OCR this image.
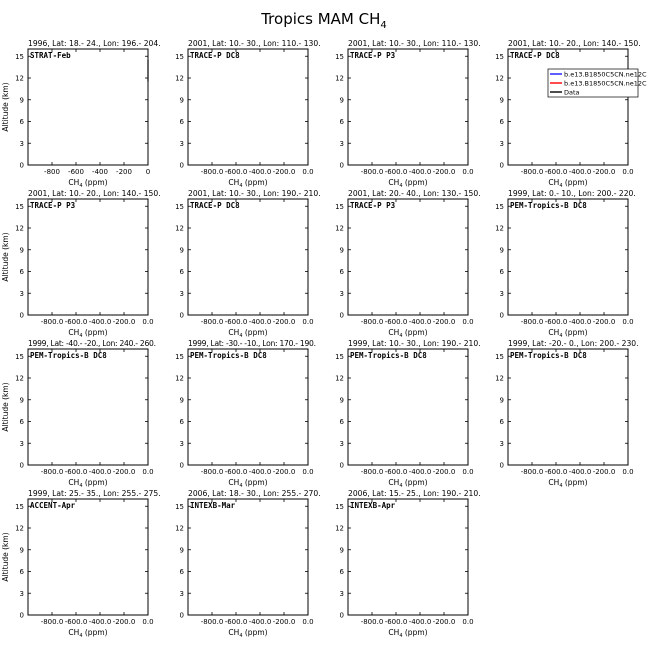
Tropics MAM $CH_4$
1996, Lat: 18.- 24., Lon: 196.- 204.
STRAT-Feb
0
3
6
9
12
15
-800 -600 -400 -200 0
$CH_4$ (ppm)
Altitude (km)
2001, Lat: 10.- 30., Lon: 110.- 130.
TRACE-P DC8
0
3
6
9
12
15
-800.0 -600.0 -400.0 -200.0 0.0
$CH_4$ (ppm)
2001, Lat: 10.- 30., Lon: 110.- 130.
TRACE-P P3
0
3
6
9
12
15
-800.0 -600.0 -400.0 -200.0 0.0
$CH_4$ (ppm)
2001, Lat: 10.- 20., Lon: 140.- 150.
TRACE-P DC8
0
3
6
9
12
15
-800.0 -600.0 -400.0 -200.0 0.0
$CH_4$ (ppm)
b.e13.B1850C5CN.ne12C
b.e13.B1850C5CN.ne12C
Data
2001, Lat: 10.- 20., Lon: 140.- 150.
TRACE-P P3
0
3
6
9
12
15
-800.0 -600.0 -400.0 -200.0 0.0
$CH_4$ (ppm)
Altitude (km)
2001, Lat: 10.- 30., Lon: 190.- 210.
TRACE-P DC8
0
3
6
9
12
15
-800.0 -600.0 -400.0 -200.0 0.0
$CH_4$ (ppm)
2001, Lat: 20.- 40., Lon: 130.- 150.
TRACE-P P3
0
3
6
9
12
15
-800.0 -600.0 -400.0 -200.0 0.0
$CH_4$ (ppm)
1999, Lat: 0.- 10., Lon: 200.- 220.
PEM-Tropics-B DC8
0
3
6
9
12
15
-800.0 -600.0 -400.0 -200.0 0.0
$CH_4$ (ppm)
1999, Lat: -40.- -20., Lon: 240.- 260.
PEM-Tropics-B DC8
0
3
6
9
12
15
-800.0 -600.0 -400.0 -200.0 0.0
$CH_4$ (ppm)
Altitude (km)
1999, Lat: -30.- -10., Lon: 170.- 190.
PEM-Tropics-B DC8
0
3
6
9
12
15
-800.0 -600.0 -400.0 -200.0 0.0
$CH_4$ (ppm)
1999, Lat: 10.- 30., Lon: 190.- 210.
PEM-Tropics-B DC8
0
3
6
9
12
15
-800.0 -600.0 -400.0 -200.0 0.0
$CH_4$ (ppm)
1999, Lat: -20.- 0., Lon: 200.- 230.
PEM-Tropics-B DC8
0
3
6
9
12
15
-800.0 -600.0 -400.0 -200.0 0.0
$CH_4$ (ppm)
1999, Lat: 25.- 35., Lon: 255.- 275.
ACCENT-Apr
0
3
6
9
12
15
-800.0 -600.0 -400.0 -200.0 0.0
$CH_4$ (ppm)
Altitude (km)
2006, Lat: 18.- 30., Lon: 255.- 270.
INTEXB-Mar
0
3
6
9
12
15
-800.0 -600.0 -400.0 -200.0 0.0
$CH_4$ (ppm)
2006, Lat: 15.- 25., Lon: 190.- 210.
INTEXB-Apr
0
3
6
9
12
15
-800.0 -600.0 -400.0 -200.0 0.0
$CH_4$ (ppm)
